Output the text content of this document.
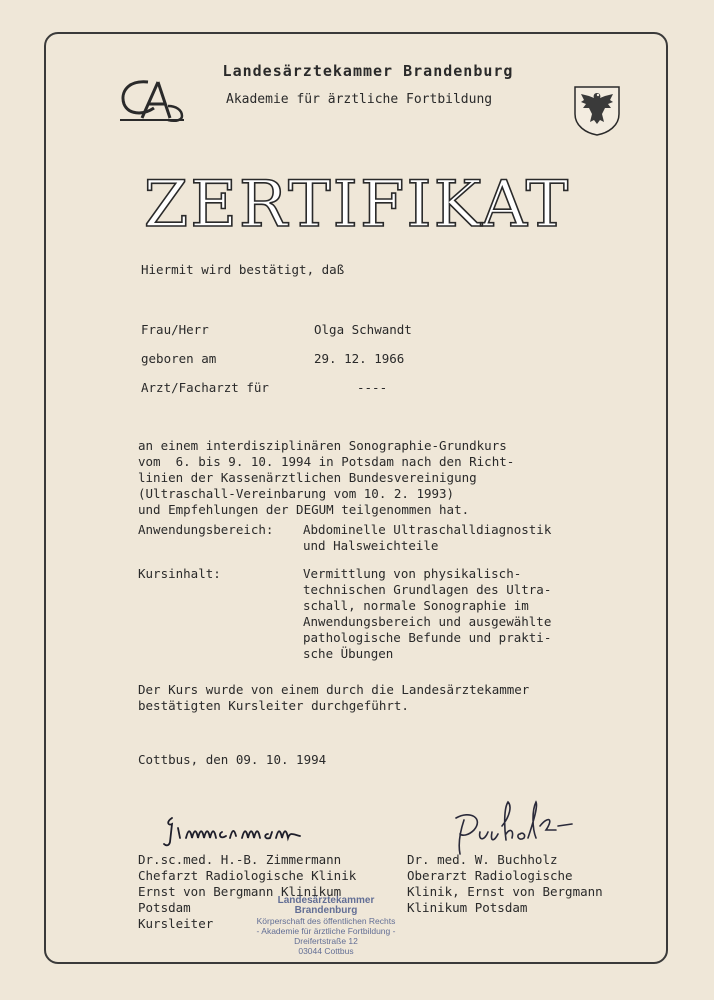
Landesärztekammer Brandenburg
Akademie für ärztliche Fortbildung
ZERTIFIKAT
Hiermit wird bestätigt, daß
Frau/Herr	Olga Schwandt
geboren am	29. 12. 1966
Arzt/Facharzt für	----
an einem interdisziplinären Sonographie-Grundkurs
vom  6. bis 9. 10. 1994 in Potsdam nach den Richt-
linien der Kassenärztlichen Bundesvereinigung
(Ultraschall-Vereinbarung vom 10. 2. 1993)
und Empfehlungen der DEGUM teilgenommen hat.
Anwendungsbereich: Abdominelle Ultraschalldiagnostik
und Halsweichteile
Kursinhalt:	Vermittlung von physikalisch-
technischen Grundlagen des Ultra-
schall, normale Sonographie im
Anwendungsbereich und ausgewählte
pathologische Befunde und prakti-
sche Übungen
Der Kurs wurde von einem durch die Landesärztekammer
bestätigten Kursleiter durchgeführt.
Cottbus, den 09. 10. 1994
Dr.sc.med. H.-B. Zimmermann
Chefarzt Radiologische Klinik
Ernst von Bergmann Klinikum
Potsdam
Kursleiter
Dr. med. W. Buchholz
Oberarzt Radiologische
Klinik, Ernst von Bergmann
Klinikum Potsdam
Landesärztekammer Brandenburg
Körperschaft des öffentlichen Rechts
- Akademie für ärztliche Fortbildung -
Dreifertstraße 12
03044 Cottbus
